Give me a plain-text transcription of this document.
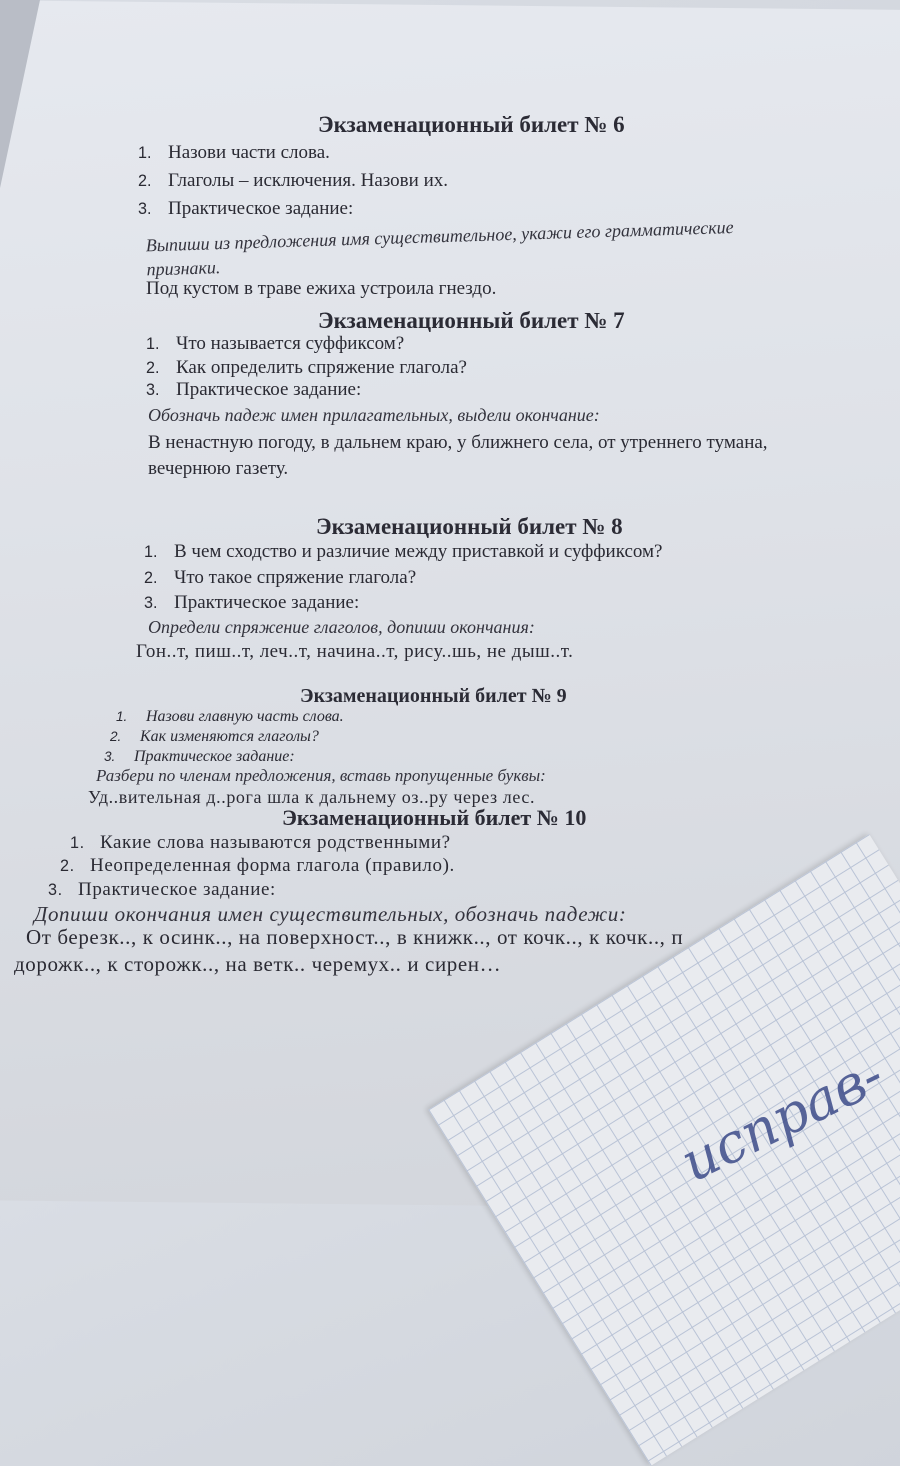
Экзаменационный билет № 6
1. Назови части слова.
2. Глаголы – исключения. Назови их.
3. Практическое задание:
Выпиши из предложения имя существительное, укажи его грамматические признаки.
Под кустом в траве ежиха устроила гнездо.
Экзаменационный билет № 7
1. Что называется суффиксом?
2. Как определить спряжение глагола?
3. Практическое задание:
Обозначь падеж имен прилагательных, выдели окончание:
В ненастную погоду, в дальнем краю, у ближнего села, от утреннего тумана, вечернюю газету.
Экзаменационный билет № 8
1. В чем сходство и различие между приставкой и суффиксом?
2. Что такое спряжение глагола?
3. Практическое задание:
Определи спряжение глаголов, допиши окончания:
Гон..т, пиш..т, леч..т, начина..т, рису..шь, не дыш..т.
Экзаменационный билет № 9
1. Назови главную часть слова.
2. Как изменяются глаголы?
3. Практическое задание:
Разбери по членам предложения, вставь пропущенные буквы:
Уд..вительная д..рога шла к дальнему оз..ру через лес.
Экзаменационный билет № 10
1. Какие слова называются родственными?
2. Неопределенная форма глагола (правило).
3. Практическое задание:
Допиши окончания имен существительных, обозначь падежи:
От березк.., к осинк.., на поверхност.., в книжк.., от кочк.., к кочк.., п
дорожк.., к сторожк.., на ветк.. черемух.. и сирен…
исправ-
